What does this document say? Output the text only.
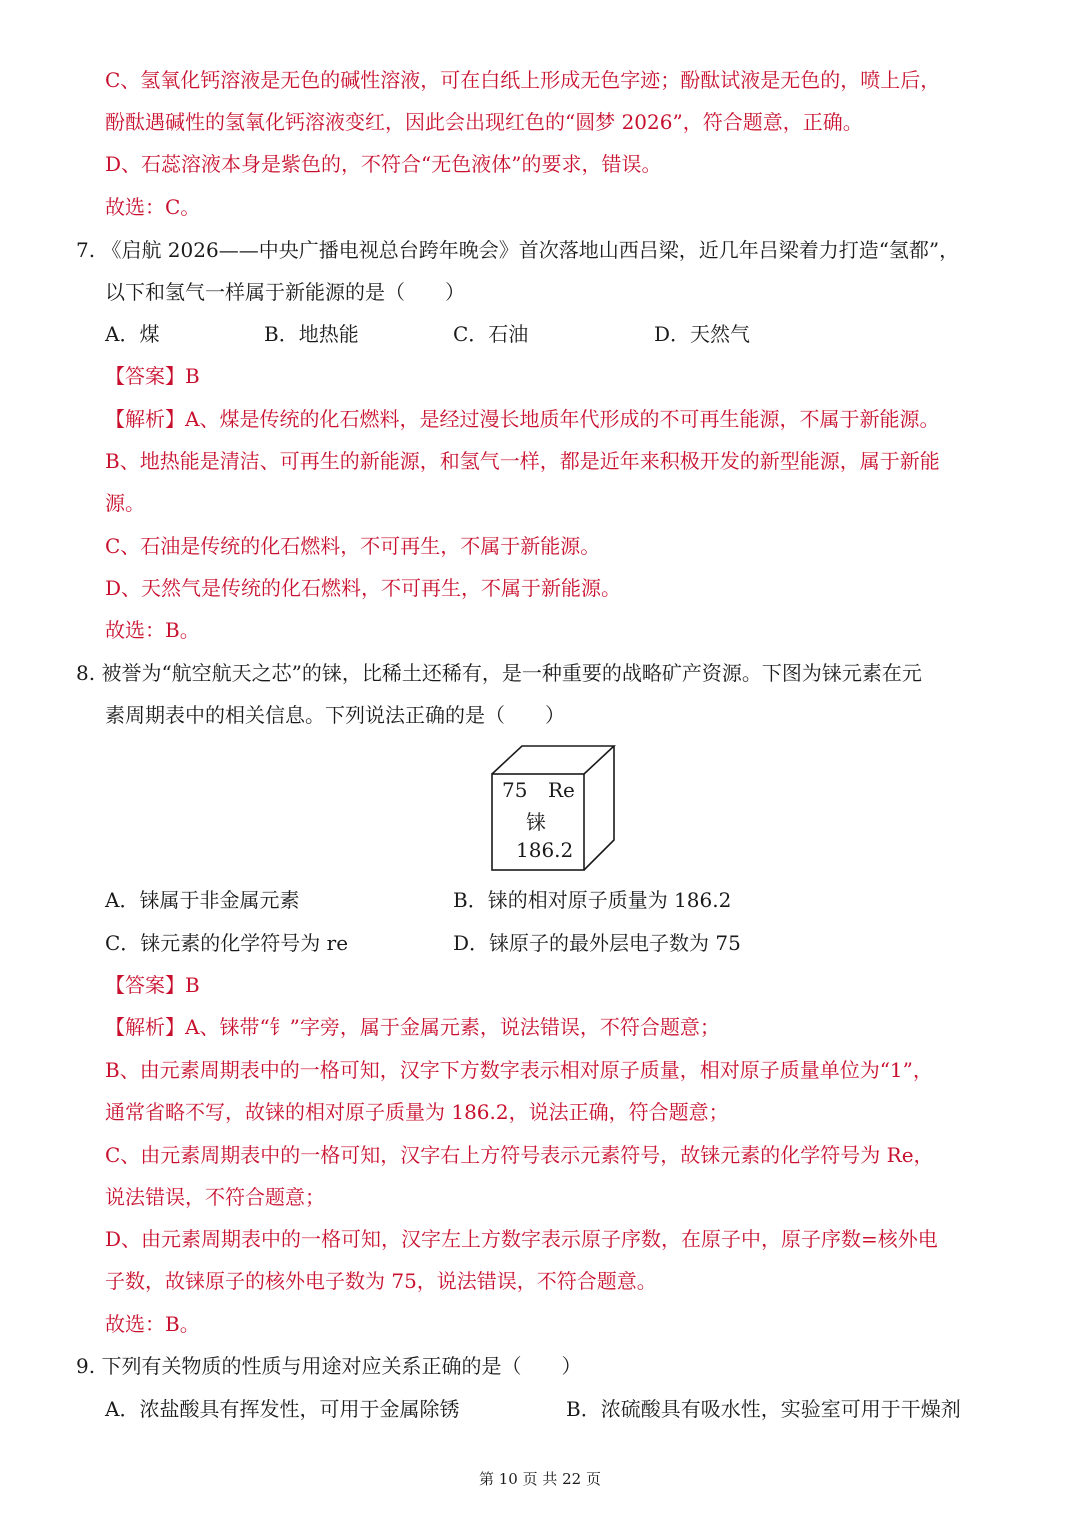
C、氢氧化钙溶液是无色的碱性溶液，可在白纸上形成无色字迹；酚酞试液是无色的，喷上后，
酚酞遇碱性的氢氧化钙溶液变红，因此会出现红色的“圆梦 2026”，符合题意，正确。
D、石蕊溶液本身是紫色的，不符合“无色液体”的要求，错误。
故选：C。
7. 《启航 2026——中央广播电视总台跨年晚会》首次落地山西吕梁，近几年吕梁着力打造“氢都”，
以下和氢气一样属于新能源的是（　　）
A．煤	B．地热能	C．石油	D．天然气
【答案】B
【解析】A、煤是传统的化石燃料，是经过漫长地质年代形成的不可再生能源，不属于新能源。
B、地热能是清洁、可再生的新能源，和氢气一样，都是近年来积极开发的新型能源，属于新能
源。
C、石油是传统的化石燃料，不可再生，不属于新能源。
D、天然气是传统的化石燃料，不可再生，不属于新能源。
故选：B。
8. 被誉为“航空航天之芯”的铼，比稀土还稀有，是一种重要的战略矿产资源。下图为铼元素在元
素周期表中的相关信息。下列说法正确的是（　　）
75 Re
铼
186.2
A．铼属于非金属元素	B．铼的相对原子质量为 186.2
C．铼元素的化学符号为 re	D．铼原子的最外层电子数为 75
【答案】B
【解析】A、铼带“钅”字旁，属于金属元素，说法错误，不符合题意；
B、由元素周期表中的一格可知，汉字下方数字表示相对原子质量，相对原子质量单位为“1”，
通常省略不写，故铼的相对原子质量为 186.2，说法正确，符合题意；
C、由元素周期表中的一格可知，汉字右上方符号表示元素符号，故铼元素的化学符号为 Re，
说法错误，不符合题意；
D、由元素周期表中的一格可知，汉字左上方数字表示原子序数，在原子中，原子序数=核外电
子数，故铼原子的核外电子数为 75，说法错误，不符合题意。
故选：B。
9. 下列有关物质的性质与用途对应关系正确的是（　　）
A．浓盐酸具有挥发性，可用于金属除锈	B．浓硫酸具有吸水性，实验室可用于干燥剂
第 10 页 共 22 页
